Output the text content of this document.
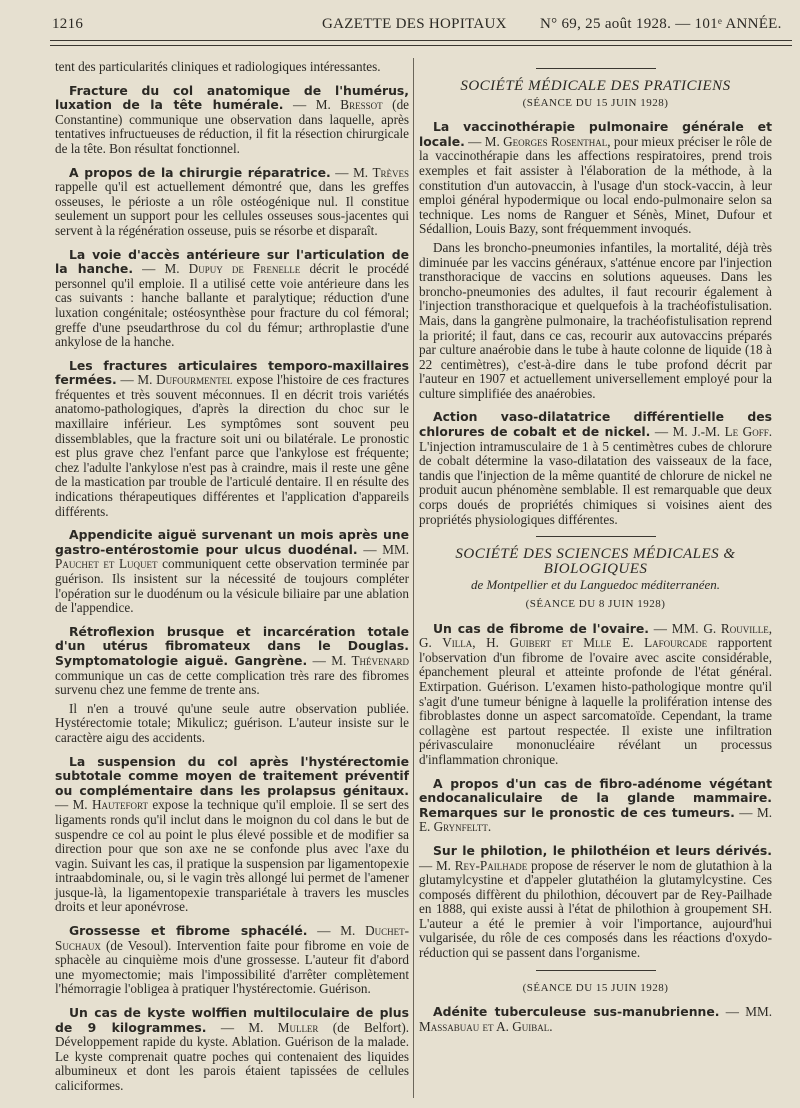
1216	GAZETTE DES HOPITAUX N° 69, 25 août 1928. — 101ᵉ ANNÉE.

tent des particularités cliniques et radiologiques intéressantes.

Fracture du col anatomique de l'humérus, luxation de la tête humérale. — M. Bressot (de Constantine) communique une observation dans laquelle, après tentatives infructueuses de réduction, il fit la résection chirurgicale de la tête. Bon résultat fonctionnel.

A propos de la chirurgie réparatrice. — M. Trèves rappelle qu'il est actuellement démontré que, dans les greffes osseuses, le périoste a un rôle ostéogénique nul. Il constitue seulement un support pour les cellules osseuses sous-jacentes qui servent à la régénération osseuse, puis se résorbe et disparaît.

La voie d'accès antérieure sur l'articulation de la hanche. — M. Dupuy de Frenelle décrit le procédé personnel qu'il emploie. Il a utilisé cette voie antérieure dans les cas suivants : hanche ballante et paralytique; réduction d'une luxation congénitale; ostéosynthèse pour fracture du col fémoral; greffe d'une pseudarthrose du col du fémur; arthroplastie d'une ankylose de la hanche.

Les fractures articulaires temporo-maxillaires fermées. — M. Dufourmentel expose l'histoire de ces fractures fréquentes et très souvent méconnues. Il en décrit trois variétés anatomo-pathologiques, d'après la direction du choc sur le maxillaire inférieur. Les symptômes sont souvent peu dissemblables, que la fracture soit uni ou bilatérale. Le pronostic est plus grave chez l'enfant parce que l'ankylose est fréquente; chez l'adulte l'ankylose n'est pas à craindre, mais il reste une gêne de la mastication par trouble de l'articulé dentaire. Il en résulte des indications thérapeutiques différentes et l'application d'appareils différents.

Appendicite aiguë survenant un mois après une gastro-entérostomie pour ulcus duodénal. — MM. Pauchet et Luquet communiquent cette observation terminée par guérison. Ils insistent sur la nécessité de toujours compléter l'opération sur le duodénum ou la vésicule biliaire par une ablation de l'appendice.

Rétroflexion brusque et incarcération totale d'un utérus fibromateux dans le Douglas. Symptomatologie aiguë. Gangrène. — M. Thévenard communique un cas de cette complication très rare des fibromes survenu chez une femme de trente ans.

Il n'en a trouvé qu'une seule autre observation publiée. Hystérectomie totale; Mikulicz; guérison. L'auteur insiste sur le caractère aigu des accidents.

La suspension du col après l'hystérectomie subtotale comme moyen de traitement préventif ou complémentaire dans les prolapsus génitaux. — M. Hautefort expose la technique qu'il emploie. Il se sert des ligaments ronds qu'il inclut dans le moignon du col dans le but de suspendre ce col au point le plus élevé possible et de modifier sa direction pour que son axe ne se confonde plus avec l'axe du vagin. Suivant les cas, il pratique la suspension par ligamentopexie intraabdominale, ou, si le vagin très allongé lui permet de l'amener jusque-là, la ligamentopexie transpariétale à travers les muscles droits et leur aponévrose.

Grossesse et fibrome sphacélé. — M. Duchet-Suchaux (de Vesoul). Intervention faite pour fibrome en voie de sphacèle au cinquième mois d'une grossesse. L'auteur fit d'abord une myomectomie; mais l'impossibilité d'arrêter complètement l'hémorragie l'obligea à pratiquer l'hystérectomie. Guérison.

Un cas de kyste wolffien multiloculaire de plus de 9 kilogrammes. — M. Muller (de Belfort). Développement rapide du kyste. Ablation. Guérison de la malade. Le kyste comprenait quatre poches qui contenaient des liquides albumineux et dont les parois étaient tapissées de cellules caliciformes.

SOCIÉTÉ MÉDICALE DES PRATICIENS
(SÉANCE DU 15 JUIN 1928)

La vaccinothérapie pulmonaire générale et locale. — M. Georges Rosenthal, pour mieux préciser le rôle de la vaccinothérapie dans les affections respiratoires, prend trois exemples et fait assister à l'élaboration de la méthode, à la constitution d'un autovaccin, à l'usage d'un stock-vaccin, à leur emploi général hypodermique ou local endo-pulmonaire selon sa technique. Les noms de Ranguer et Sénès, Minet, Dufour et Sédallion, Louis Bazy, sont fréquemment invoqués.

Dans les broncho-pneumonies infantiles, la mortalité, déjà très diminuée par les vaccins généraux, s'atténue encore par l'injection transthoracique de vaccins en solutions aqueuses. Dans les broncho-pneumonies des adultes, il faut recourir également à l'injection transthoracique et quelquefois à la trachéofistulisation. Mais, dans la gangrène pulmonaire, la trachéofistulisation reprend la priorité; il faut, dans ce cas, recourir aux autovaccins préparés par culture anaérobie dans le tube à haute colonne de liquide (18 à 22 centimètres), c'est-à-dire dans le tube profond décrit par l'auteur en 1907 et actuellement universellement employé pour la culture simplifiée des anaérobies.

Action vaso-dilatatrice différentielle des chlorures de cobalt et de nickel. — M. J.-M. Le Goff. L'injection intramusculaire de 1 à 5 centimètres cubes de chlorure de cobalt détermine la vaso-dilatation des vaisseaux de la face, tandis que l'injection de la même quantité de chlorure de nickel ne produit aucun phénomène semblable. Il est remarquable que deux corps doués de propriétés chimiques si voisines aient des propriétés physiologiques différentes.

SOCIÉTÉ DES SCIENCES MÉDICALES & BIOLOGIQUES
de Montpellier et du Languedoc méditerranéen.
(SÉANCE DU 8 JUIN 1928)

Un cas de fibrome de l'ovaire. — MM. G. Rouville, G. Villa, H. Guibert et Mlle E. Lafourcade rapportent l'observation d'un fibrome de l'ovaire avec ascite considérable, épanchement pleural et atteinte profonde de l'état général. Extirpation. Guérison. L'examen histo-pathologique montre qu'il s'agit d'une tumeur bénigne à laquelle la prolifération intense des fibroblastes donne un aspect sarcomatoïde. Cependant, la trame collagène est partout respectée. Il existe une infiltration périvasculaire mononucléaire révélant un processus d'inflammation chronique.

A propos d'un cas de fibro-adénome végétant endocanaliculaire de la glande mammaire. Remarques sur le pronostic de ces tumeurs. — M. E. Grynfeltt.

Sur le philotion, le philothéion et leurs dérivés. — M. Rey-Pailhade propose de réserver le nom de glutathion à la glutamylcystine et d'appeler glutathéion la glutamylcystine. Ces composés diffèrent du philothion, découvert par de Rey-Pailhade en 1888, qui existe aussi à l'état de philothion à groupement SH. L'auteur a été le premier à voir l'importance, aujourd'hui vulgarisée, du rôle de ces composés dans les réactions d'oxydo-réduction qui se passent dans l'organisme.

(SÉANCE DU 15 JUIN 1928)

Adénite tuberculeuse sus-manubrienne. — MM. Massabuau et A. Guibal.
